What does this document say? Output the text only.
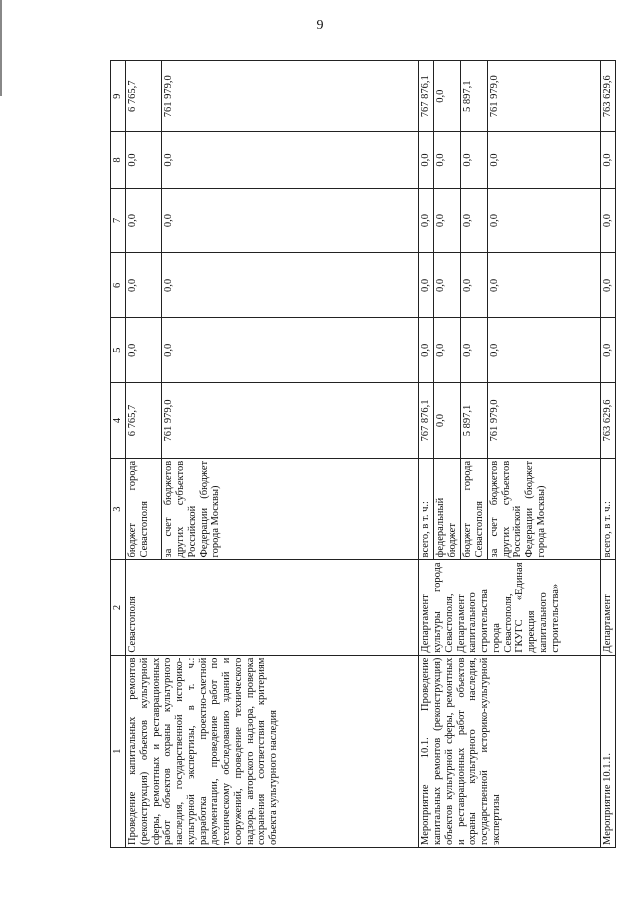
9
1	2	3	4	5	6	7	8	9
Проведение капитальных ремонтов (реконструкция) объектов культурной сферы, ремонтных и реставрационных работ объектов охраны культурного наследия, государственной историко-культурной экспертизы, в т. ч.: разработка проектно-сметной документации, проведение работ по техническому обследованию зданий и сооружений, проведение технического надзора, авторского надзора, проверка сохранения соответствия критериям объекта культурного наследия	Севастополя	бюджет города Севастополя	6 765,7	0,0	0,0	0,0	0,0	6 765,7
		за счет бюджетов других субъектов Российской Федерации (бюджет города Москвы)	761 979,0	0,0	0,0	0,0	0,0	761 979,0
Мероприятие 10.1. Проведение капитальных ремонтов (реконструкция) объектов культурной сферы, ремонтных и реставрационных работ объектов охраны культурного наследия, государственной историко-культурной экспертизы	Департамент культуры города Севастополя, Департамент капитального строительства города Севастополя, ГКУГС «Единая дирекция капитального строительства»	всего, в т. ч.:	767 876,1	0,0	0,0	0,0	0,0	767 876,1
		федеральный бюджет	0,0	0,0	0,0	0,0	0,0	0,0
		бюджет города Севастополя	5 897,1	0,0	0,0	0,0	0,0	5 897,1
		за счет бюджетов других субъектов Российской Федерации (бюджет города Москвы)	761 979,0	0,0	0,0	0,0	0,0	761 979,0
Мероприятие 10.1.1.	Департамент	всего, в т. ч.:	763 629,6	0,0	0,0	0,0	0,0	763 629,6
